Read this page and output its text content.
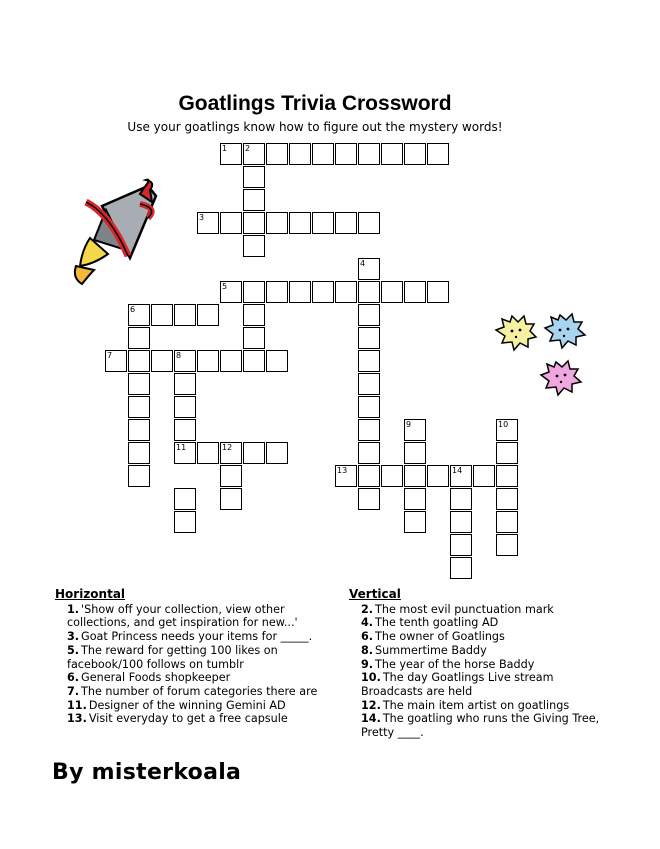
Goatlings Trivia Crossword
Use your goatlings know how to figure out the mystery words!
1 2
3
4
5
6
7	8
9	10
11	12
13	14
Horizontal
1. 'Show off your collection, view other
collections, and get inspiration for new...'
3. Goat Princess needs your items for _____.
5. The reward for getting 100 likes on
facebook/100 follows on tumblr
6. General Foods shopkeeper
7. The number of forum categories there are
11. Designer of the winning Gemini AD
13. Visit everyday to get a free capsule
Vertical
2. The most evil punctuation mark
4. The tenth goatling AD
6. The owner of Goatlings
8. Summertime Baddy
9. The year of the horse Baddy
10. The day Goatlings Live stream
Broadcasts are held
12. The main item artist on goatlings
14. The goatling who runs the Giving Tree,
Pretty ____.
By misterkoala
